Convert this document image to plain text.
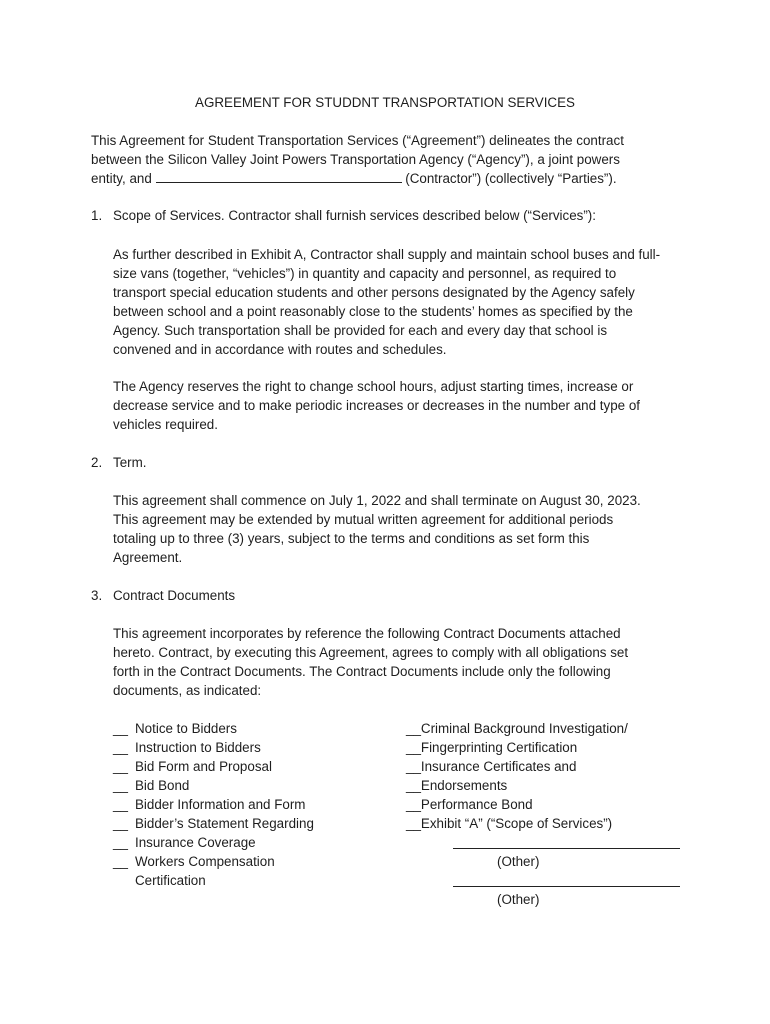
AGREEMENT FOR STUDDNT TRANSPORTATION SERVICES
This Agreement for Student Transportation Services (“Agreement”) delineates the contract
between the Silicon Valley Joint Powers Transportation Agency (“Agency”), a joint powers
entity, and	(Contractor”) (collectively “Parties”).
1. Scope of Services. Contractor shall furnish services described below (“Services”):

As further described in Exhibit A, Contractor shall supply and maintain school buses and full-

size vans (together, “vehicles”) in quantity and capacity and personnel, as required to

transport special education students and other persons designated by the Agency safely

between school and a point reasonably close to the students’ homes as specified by the

Agency. Such transportation shall be provided for each and every day that school is

convened and in accordance with routes and schedules.

The Agency reserves the right to change school hours, adjust starting times, increase or

decrease service and to make periodic increases or decreases in the number and type of

vehicles required.

2. Term.

This agreement shall commence on July 1, 2022 and shall terminate on August 30, 2023.

This agreement may be extended by mutual written agreement for additional periods

totaling up to three (3) years, subject to the terms and conditions as set form this

Agreement.

3. Contract Documents

This agreement incorporates by reference the following Contract Documents attached

hereto. Contract, by executing this Agreement, agrees to comply with all obligations set

forth in the Contract Documents. The Contract Documents include only the following

documents, as indicated:

__ Notice to Bidders
__ Instruction to Bidders
__ Bid Form and Proposal
__ Bid Bond
__ Bidder Information and Form
__ Bidder’s Statement Regarding
__ Insurance Coverage
__ Workers Compensation
Certification
__Criminal Background Investigation/
__Fingerprinting Certification
__Insurance Certificates and
__Endorsements
__Performance Bond
__Exhibit “A” (“Scope of Services”)
(Other)
(Other)
